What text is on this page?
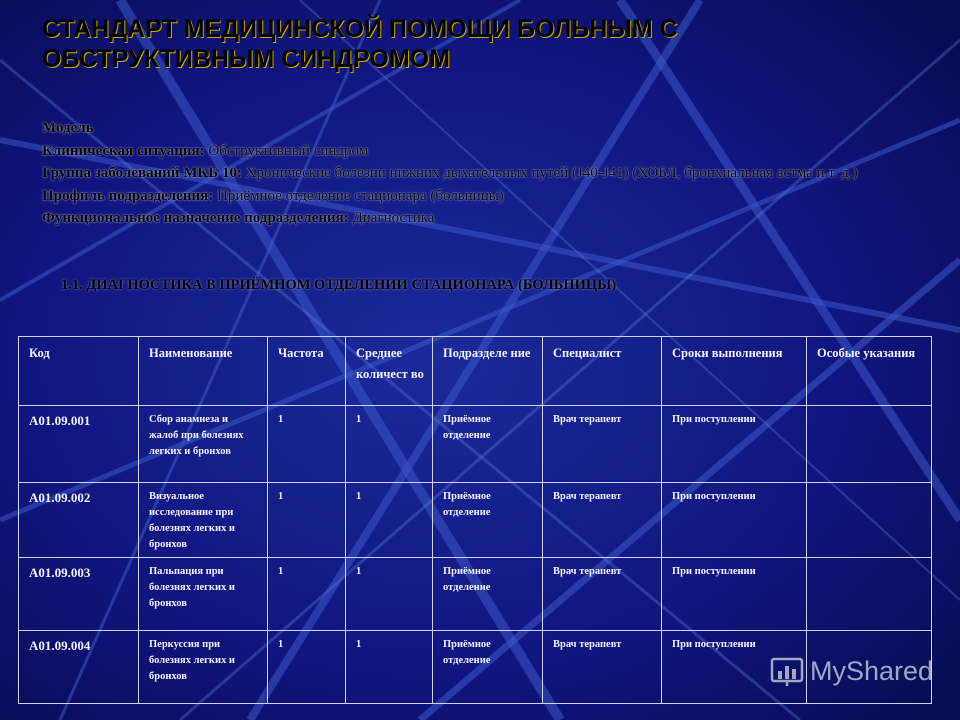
СТАНДАРТ МЕДИЦИНСКОЙ ПОМОЩИ БОЛЬНЫМ С
ОБСТРУКТИВНЫМ СИНДРОМОМ
Модель
Клиническая ситуация: Обструктивный синдром
Группа заболеваний МКБ 10: Хронические болезни нижних дыхательных путей (J40-J41) (ХОБЛ, бронхиальная астма и т. д.)
Профиль подразделения: Приёмное отделение стационара (больницы)
Функциональное назначение подразделения: Диагностика
1.1. ДИАГНОСТИКА В ПРИЁМНОМ ОТДЕЛЕНИИ СТАЦИОНАРА (БОЛЬНИЦЫ)
Код	Наименование	Частота	Среднее количест во	Подразделе ние	Специалист	Сроки выполнения	Особые указания
A01.09.001	Сбор анамнеза и жалоб при болезнях легких и бронхов	1	1	Приёмное отделение	Врач терапевт	При поступлении	
A01.09.002	Визуальное исследование при болезнях легких и бронхов	1	1	Приёмное отделение	Врач терапевт	При поступлении	
A01.09.003	Пальпация при болезнях легких и бронхов	1	1	Приёмное отделение	Врач терапевт	При поступлении	
A01.09.004	Перкуссия при болезнях легких и бронхов	1	1	Приёмное отделение	Врач терапевт	При поступлении	
MyShared
